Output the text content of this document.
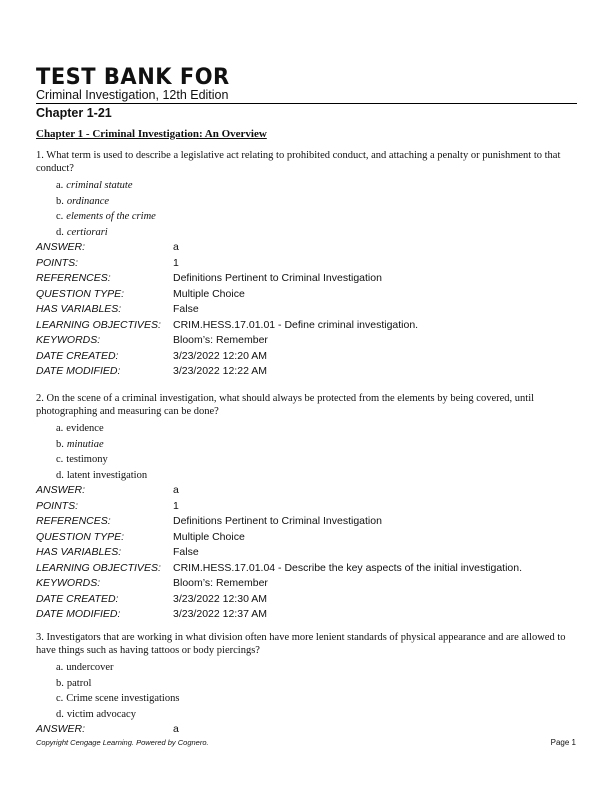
TEST BANK FOR
Criminal Investigation, 12th Edition
Chapter 1-21
Chapter 1 - Criminal Investigation: An Overview

1. What term is used to describe a legislative act relating to prohibited conduct, and attaching a penalty or punishment to that conduct?

a. criminal statute
b. ordinance
c. elements of the crime
d. certiorari
ANSWER:	a
POINTS:	1
REFERENCES:	Definitions Pertinent to Criminal Investigation
QUESTION TYPE:	Multiple Choice
HAS VARIABLES:	False
LEARNING OBJECTIVES:	CRIM.HESS.17.01.01 - Define criminal investigation.
KEYWORDS:	Bloom’s: Remember
DATE CREATED:	3/23/2022 12:20 AM
DATE MODIFIED:	3/23/2022 12:22 AM

2. On the scene of a criminal investigation, what should always be protected from the elements by being covered, until photographing and measuring can be done?

a. evidence
b. minutiae
c. testimony
d. latent investigation
ANSWER:	a
POINTS:	1
REFERENCES:	Definitions Pertinent to Criminal Investigation
QUESTION TYPE:	Multiple Choice
HAS VARIABLES:	False
LEARNING OBJECTIVES:	CRIM.HESS.17.01.04 - Describe the key aspects of the initial investigation.
KEYWORDS:	Bloom’s: Remember
DATE CREATED:	3/23/2022 12:30 AM
DATE MODIFIED:	3/23/2022 12:37 AM

3. Investigators that are working in what division often have more lenient standards of physical appearance and are allowed to have things such as having tattoos or body piercings?

a. undercover
b. patrol
c. Crime scene investigations
d. victim advocacy
ANSWER:	a
Copyright Cengage Learning. Powered by Cognero.	Page 1
